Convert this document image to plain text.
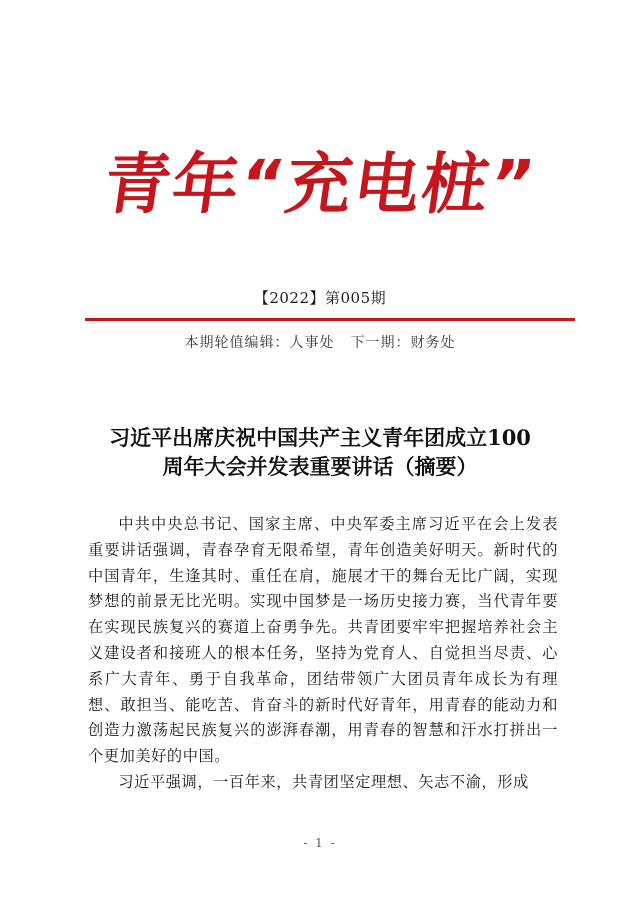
青年“充电桩”
【2022】第005期
本期轮值编辑：人事处 下一期：财务处
习近平出席庆祝中国共产主义青年团成立100
周年大会并发表重要讲话（摘要）

中共中央总书记、国家主席、中央军委主席习近平在会上发表重要讲话强调，青春孕育无限希望，青年创造美好明天。新时代的中国青年，生逢其时、重任在肩，施展才干的舞台无比广阔，实现梦想的前景无比光明。实现中国梦是一场历史接力赛，当代青年要在实现民族复兴的赛道上奋勇争先。共青团要牢牢把握培养社会主义建设者和接班人的根本任务，坚持为党育人、自觉担当尽责、心系广大青年、勇于自我革命，团结带领广大团员青年成长为有理想、敢担当、能吃苦、肯奋斗的新时代好青年，用青春的能动力和创造力激荡起民族复兴的澎湃春潮，用青春的智慧和汗水打拼出一个更加美好的中国。

习近平强调，一百年来，共青团坚定理想、矢志不渝，形成

- 1 -
